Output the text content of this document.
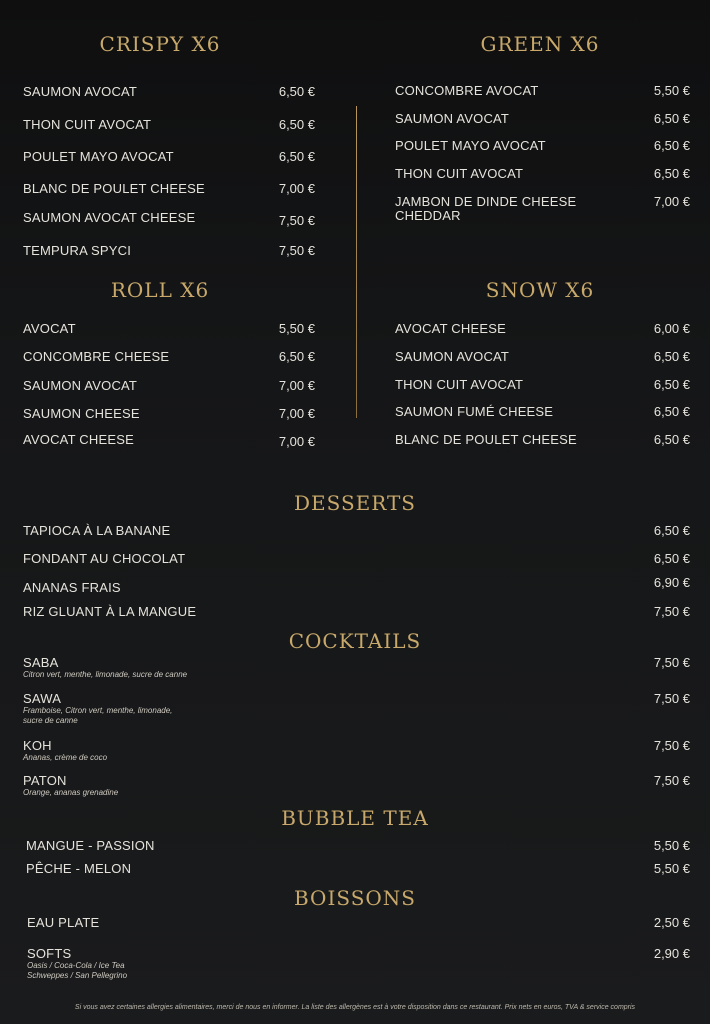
CRISPY X6
SAUMON AVOCAT	6,50 €
THON CUIT AVOCAT	6,50 €
POULET MAYO AVOCAT	6,50 €
BLANC DE POULET CHEESE	7,00 €
SAUMON AVOCAT CHEESE	7,50 €
TEMPURA SPYCI	7,50 €
GREEN X6
CONCOMBRE AVOCAT	5,50 €
SAUMON AVOCAT	6,50 €
POULET MAYO AVOCAT	6,50 €
THON CUIT AVOCAT	6,50 €
JAMBON DE DINDE CHEESE
CHEDDAR
7,00 €
ROLL X6
AVOCAT	5,50 €
CONCOMBRE CHEESE	6,50 €
SAUMON AVOCAT	7,00 €
SAUMON CHEESE	7,00 €
AVOCAT CHEESE	7,00 €
SNOW X6
AVOCAT CHEESE	6,00 €
SAUMON AVOCAT	6,50 €
THON CUIT AVOCAT	6,50 €
SAUMON FUMÉ CHEESE	6,50 €
BLANC DE POULET CHEESE	6,50 €
DESSERTS
TAPIOCA À LA BANANE	6,50 €
FONDANT AU CHOCOLAT	6,50 €
ANANAS FRAIS	6,90 €
RIZ GLUANT À LA MANGUE	7,50 €
COCKTAILS
SABA
Citron vert, menthe, limonade, sucre de canne
7,50 €
SAWA
Framboise, Citron vert, menthe, limonade,
sucre de canne
7,50 €
KOH
Ananas, crème de coco
7,50 €
PATON
Orange, ananas grenadine
7,50 €
BUBBLE TEA
MANGUE - PASSION	5,50 €
PÊCHE - MELON	5,50 €
BOISSONS
EAU PLATE	2,50 €
SOFTS
Oasis / Coca-Cola / Ice Tea
Schweppes / San Pellegrino
2,90 €
Si vous avez certaines allergies alimentaires, merci de nous en informer. La liste des allergènes est à votre disposition dans ce restaurant. Prix nets en euros, TVA & service compris
